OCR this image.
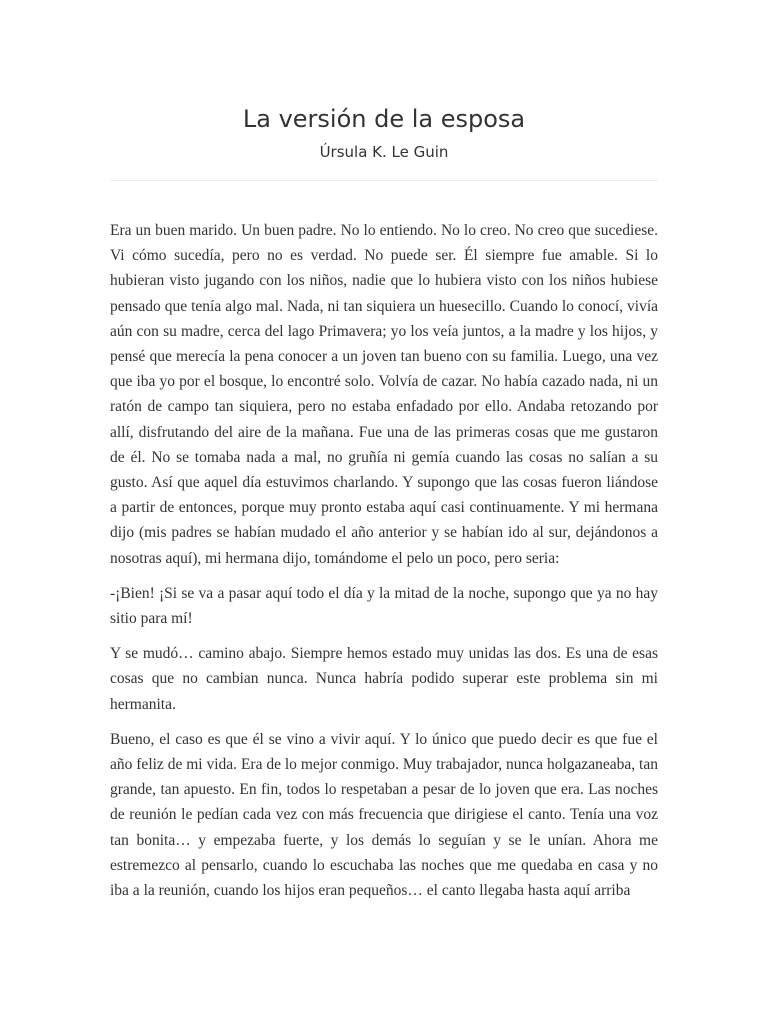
La versión de la esposa
Úrsula K. Le Guin

Era un buen marido. Un buen padre. No lo entiendo. No lo creo. No creo que sucediese. Vi cómo sucedía, pero no es verdad. No puede ser. Él siempre fue amable. Si lo hubieran visto jugando con los niños, nadie que lo hubiera visto con los niños hubiese pensado que tenía algo mal. Nada, ni tan siquiera un huesecillo. Cuando lo conocí, vivía aún con su madre, cerca del lago Primavera; yo los veía juntos, a la madre y los hijos, y pensé que merecía la pena conocer a un joven tan bueno con su familia. Luego, una vez que iba yo por el bosque, lo encontré solo. Volvía de cazar. No había cazado nada, ni un ratón de campo tan siquiera, pero no estaba enfadado por ello. Andaba retozando por allí, disfrutando del aire de la mañana. Fue una de las primeras cosas que me gustaron de él. No se tomaba nada a mal, no gruñía ni gemía cuando las cosas no salían a su gusto. Así que aquel día estuvimos charlando. Y supongo que las cosas fueron liándose a partir de entonces, porque muy pronto estaba aquí casi continuamente. Y mi hermana dijo (mis padres se habían mudado el año anterior y se habían ido al sur, dejándonos a nosotras aquí), mi hermana dijo, tomándome el pelo un poco, pero seria:

-¡Bien! ¡Si se va a pasar aquí todo el día y la mitad de la noche, supongo que ya no hay sitio para mí!

Y se mudó… camino abajo. Siempre hemos estado muy unidas las dos. Es una de esas cosas que no cambian nunca. Nunca habría podido superar este problema sin mi hermanita.

Bueno, el caso es que él se vino a vivir aquí. Y lo único que puedo decir es que fue el año feliz de mi vida. Era de lo mejor conmigo. Muy trabajador, nunca holgazaneaba, tan grande, tan apuesto. En fin, todos lo respetaban a pesar de lo joven que era. Las noches de reunión le pedían cada vez con más frecuencia que dirigiese el canto. Tenía una voz tan bonita… y empezaba fuerte, y los demás lo seguían y se le unían. Ahora me estremezco al pensarlo, cuando lo escuchaba las noches que me quedaba en casa y no iba a la reunión, cuando los hijos eran pequeños… el canto llegaba hasta aquí arriba
